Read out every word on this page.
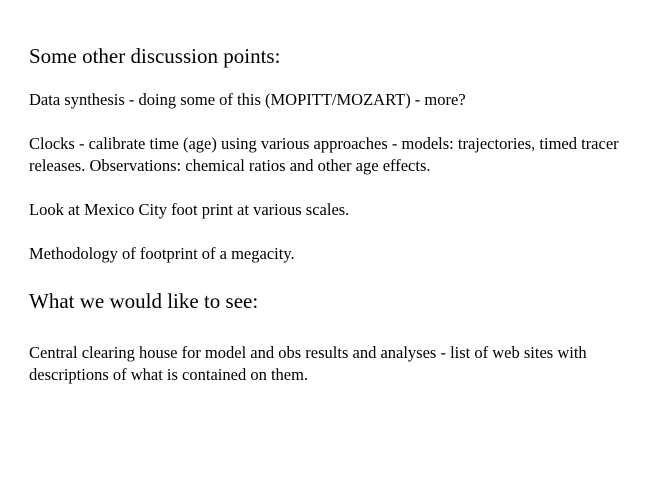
Some other discussion points:

Data synthesis - doing some of this (MOPITT/MOZART) - more?

Clocks - calibrate time (age) using various approaches - models: trajectories, timed tracer releases. Observations: chemical ratios and other age effects.

Look at Mexico City foot print at various scales.

Methodology of footprint of a megacity.

What we would like to see:

Central clearing house for model and obs results and analyses - list of web sites with descriptions of what is contained on them.
